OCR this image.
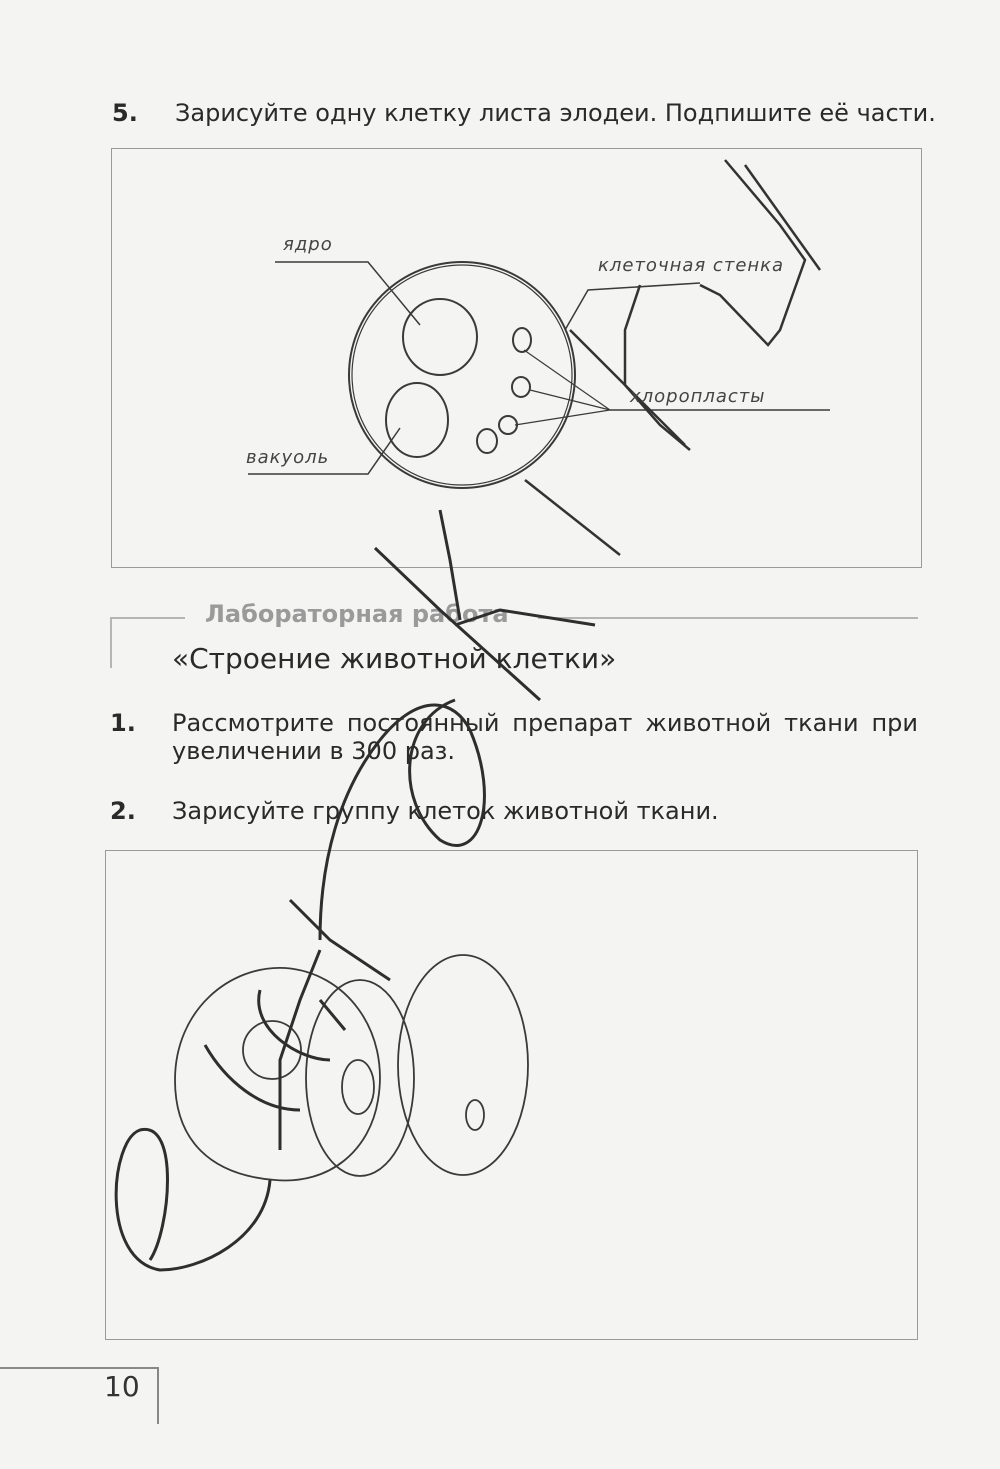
5. Зарисуйте одну клетку листа элодеи. Подпишите её части.
ядро
клеточная стенка
хлоропласты
вакуоль
Лабораторная работа
«Строение животной клетки»
1. Рассмотрите постоянный препарат животной ткани при
увеличении в 300 раз.
2. Зарисуйте группу клеток животной ткани.
10
